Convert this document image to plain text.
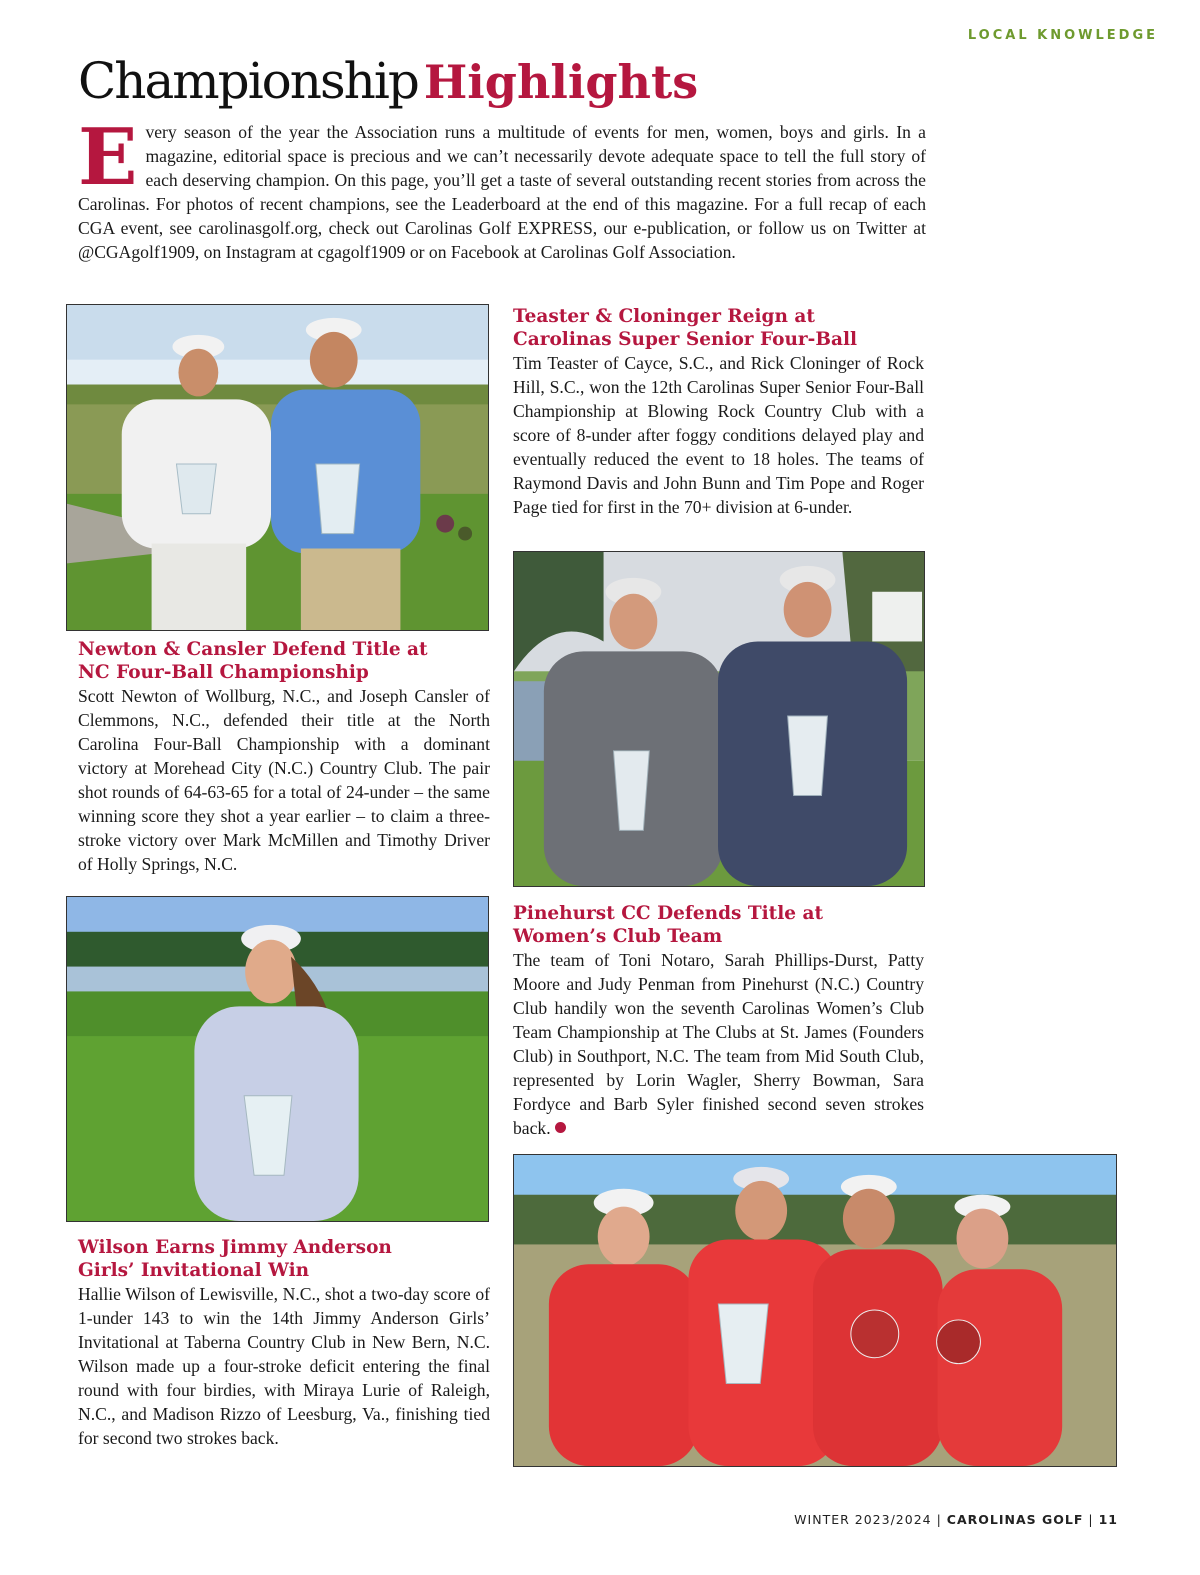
LOCAL KNOWLEDGE
Championship Highlights
Every season of the year the Association runs a multitude of events for men, women, boys and girls. In a magazine, editorial space is precious and we can’t necessarily devote adequate space to tell the full story of each deserving champion. On this page, you’ll get a taste of several outstanding recent stories from across the Carolinas. For photos of recent champions, see the Leaderboard at the end of this magazine. For a full recap of each CGA event, see carolinasgolf.org, check out Carolinas Golf EXPRESS, our e-publication, or follow us on Twitter at @CGAgolf1909, on Instagram at cgagolf1909 or on Facebook at Carolinas Golf Association.
Newton & Cansler Defend Title at
NC Four-Ball Championship
Scott Newton of Wollburg, N.C., and Joseph Cansler of Clemmons, N.C., defended their title at the North Carolina Four-Ball Championship with a dominant victory at Morehead City (N.C.) Country Club. The pair shot rounds of 64-63-65 for a total of 24-under – the same winning score they shot a year earlier – to claim a three-stroke victory over Mark McMillen and Timothy Driver of Holly Springs, N.C.
Teaster & Cloninger Reign at
Carolinas Super Senior Four-Ball
Tim Teaster of Cayce, S.C., and Rick Cloninger of Rock Hill, S.C., won the 12th Carolinas Super Senior Four-Ball Championship at Blowing Rock Country Club with a score of 8-under after foggy conditions delayed play and eventually reduced the event to 18 holes. The teams of Raymond Davis and John Bunn and Tim Pope and Roger Page tied for first in the 70+ division at 6-under.
Wilson Earns Jimmy Anderson
Girls’ Invitational Win
Hallie Wilson of Lewisville, N.C., shot a two-day score of 1-under 143 to win the 14th Jimmy Anderson Girls’ Invitational at Taberna Country Club in New Bern, N.C. Wilson made up a four-stroke deficit entering the final round with four birdies, with Miraya Lurie of Raleigh, N.C., and Madison Rizzo of Leesburg, Va., finishing tied for second two strokes back.
Pinehurst CC Defends Title at
Women’s Club Team
The team of Toni Notaro, Sarah Phillips-Durst, Patty Moore and Judy Penman from Pinehurst (N.C.) Country Club handily won the seventh Carolinas Women’s Club Team Championship at The Clubs at St. James (Founders Club) in Southport, N.C. The team from Mid South Club, represented by Lorin Wagler, Sherry Bowman, Sara Fordyce and Barb Syler finished second seven strokes back.
WINTER 2023/2024 | CAROLINAS GOLF | 11
